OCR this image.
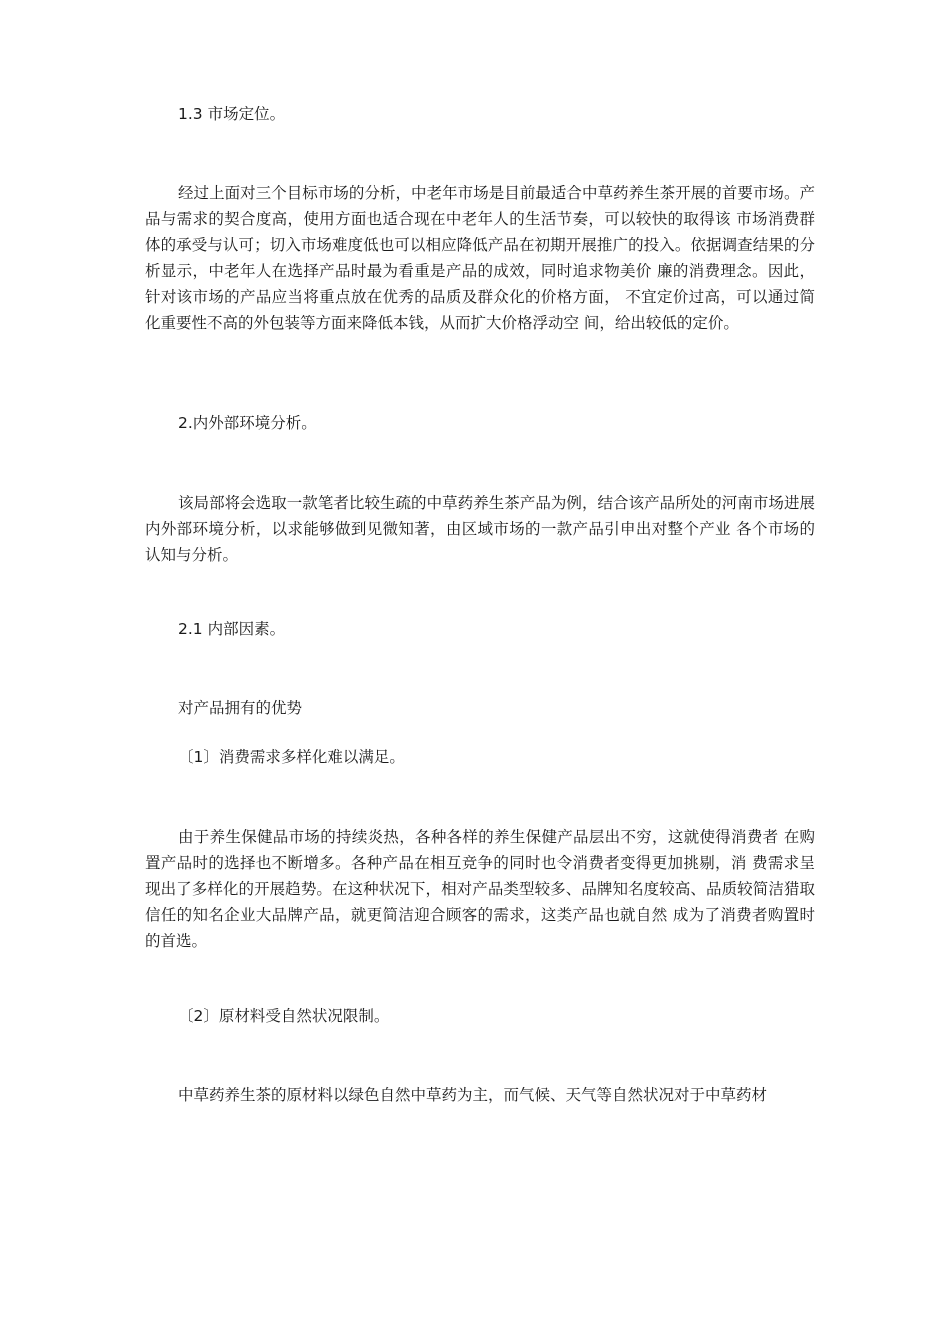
1.3 市场定位。

经过上面对三个目标市场的分析，中老年市场是目前最适合中草药养生茶开展的首要市场。产品与需求的契合度高，使用方面也适合现在中老年人的生活节奏，可以较快的取得该 市场消费群体的承受与认可；切入市场难度低也可以相应降低产品在初期开展推广的投入。依据调查结果的分析显示，中老年人在选择产品时最为看重是产品的成效，同时追求物美价 廉的消费理念。因此，针对该市场的产品应当将重点放在优秀的品质及群众化的价格方面， 不宜定价过高，可以通过简化重要性不高的外包装等方面来降低本钱，从而扩大价格浮动空 间，给出较低的定价。

2.内外部环境分析。

该局部将会选取一款笔者比较生疏的中草药养生茶产品为例，结合该产品所处的河南市场进展内外部环境分析，以求能够做到见微知著，由区域市场的一款产品引申出对整个产业 各个市场的认知与分析。

2.1 内部因素。

对产品拥有的优势

〔1〕消费需求多样化难以满足。

由于养生保健品市场的持续炎热，各种各样的养生保健产品层出不穷，这就使得消费者 在购置产品时的选择也不断增多。各种产品在相互竞争的同时也令消费者变得更加挑剔，消 费需求呈现出了多样化的开展趋势。在这种状况下，相对产品类型较多、品牌知名度较高、品质较简洁猎取信任的知名企业大品牌产品，就更简洁迎合顾客的需求，这类产品也就自然 成为了消费者购置时的首选。

〔2〕原材料受自然状况限制。

中草药养生茶的原材料以绿色自然中草药为主，而气候、天气等自然状况对于中草药材
